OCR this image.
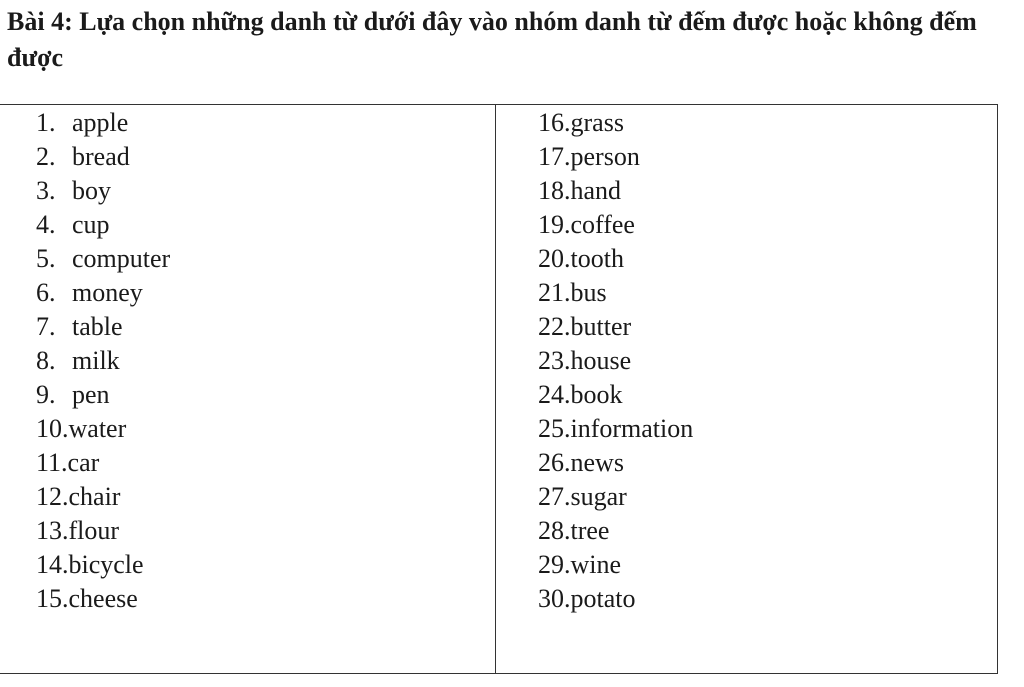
Bài 4: Lựa chọn những danh từ dưới đây vào nhóm danh từ đếm được hoặc không đếm được
1. apple
2. bread
3. boy
4. cup
5. computer
6. money
7. table
8. milk
9. pen
10.water
11.car
12.chair
13.flour
14.bicycle
15.cheese
16.grass
17.person
18.hand
19.coffee
20.tooth
21.bus
22.butter
23.house
24.book
25.information
26.news
27.sugar
28.tree
29.wine
30.potato
